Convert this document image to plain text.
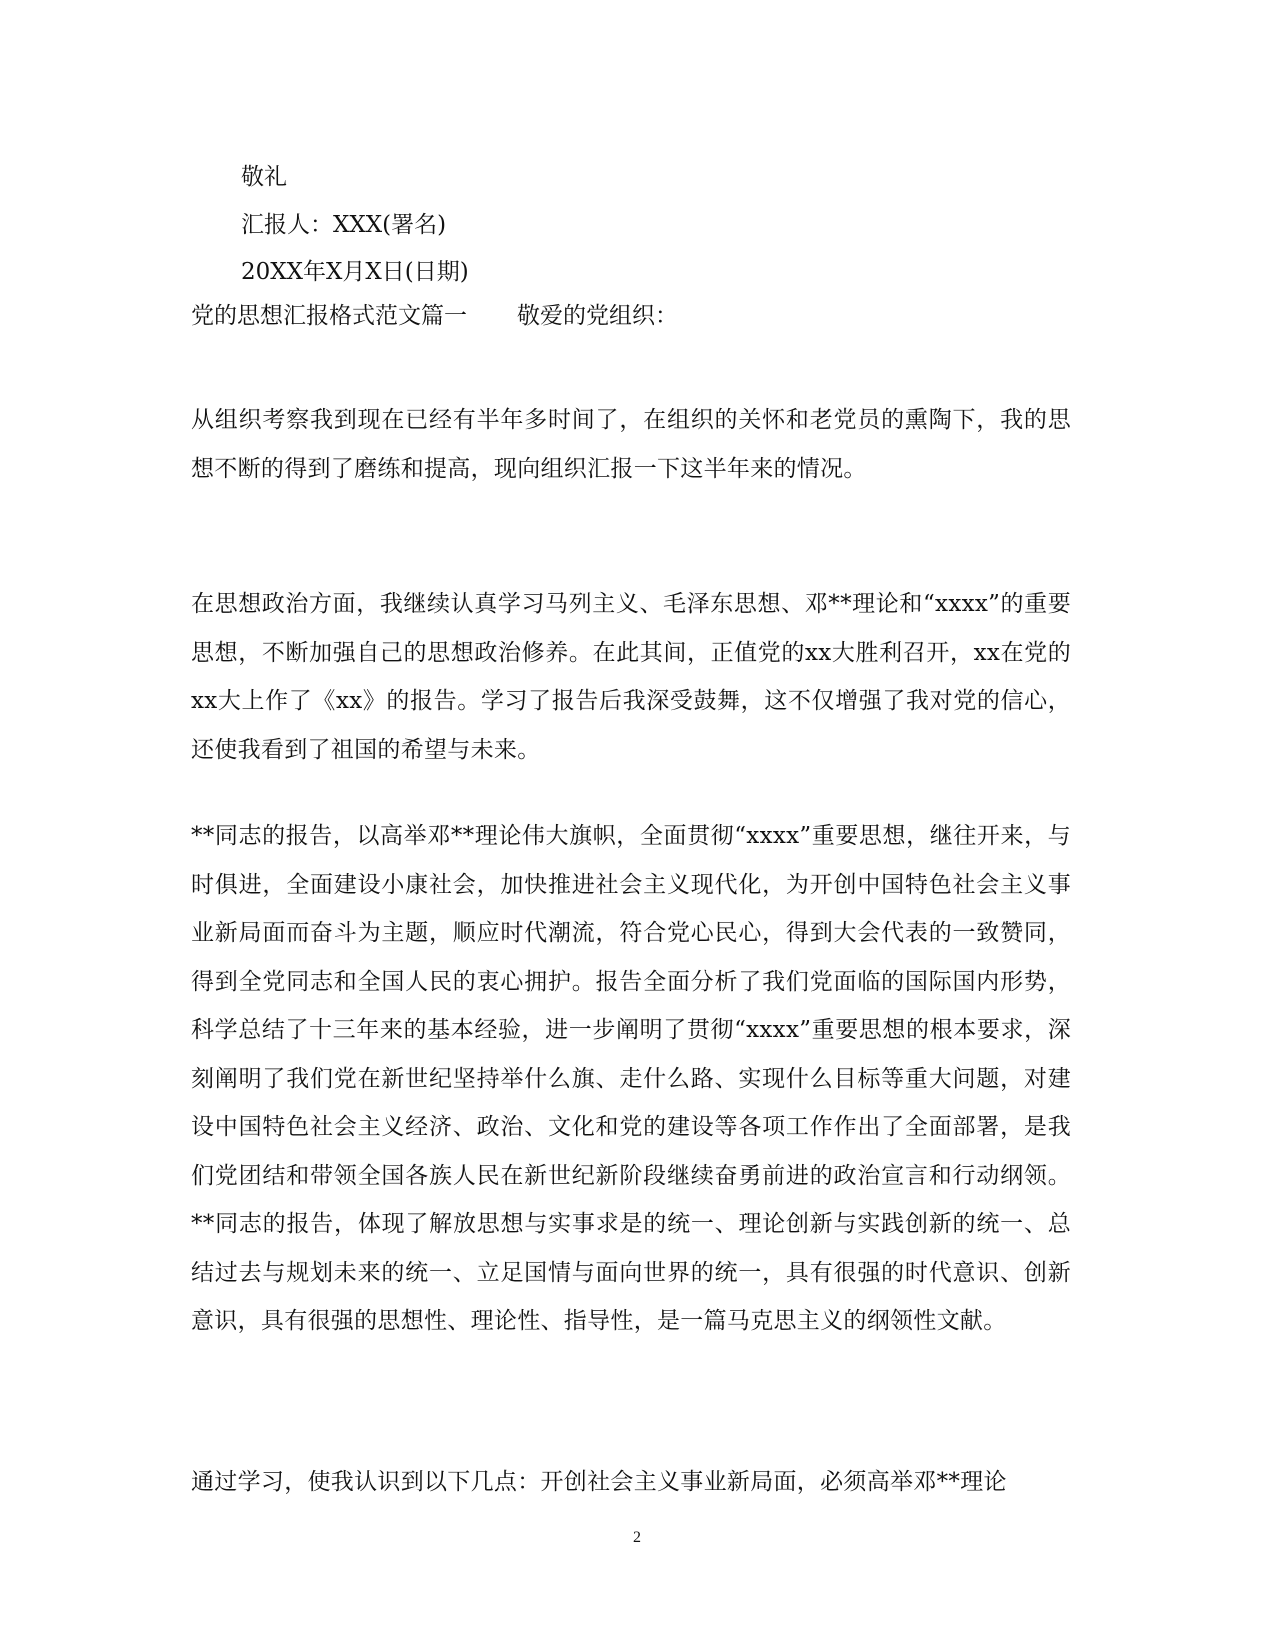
敬礼
汇报人：XXX(署名)
20XX年X月X日(日期)
党的思想汇报格式范文篇一 敬爱的党组织：
从组织考察我到现在已经有半年多时间了，在组织的关怀和老党员的熏陶下，我的思想不断的得到了磨练和提高，现向组织汇报一下这半年来的情况。
在思想政治方面，我继续认真学习马列主义、毛泽东思想、邓**理论和“xxxx”的重要思想，不断加强自己的思想政治修养。在此其间，正值党的xx大胜利召开，xx在党的xx大上作了《xx》的报告。学习了报告后我深受鼓舞，这不仅增强了我对党的信心，还使我看到了祖国的希望与未来。
**同志的报告，以高举邓**理论伟大旗帜，全面贯彻“xxxx”重要思想，继往开来，与时俱进，全面建设小康社会，加快推进社会主义现代化，为开创中国特色社会主义事业新局面而奋斗为主题，顺应时代潮流，符合党心民心，得到大会代表的一致赞同，得到全党同志和全国人民的衷心拥护。报告全面分析了我们党面临的国际国内形势，科学总结了十三年来的基本经验，进一步阐明了贯彻“xxxx”重要思想的根本要求，深刻阐明了我们党在新世纪坚持举什么旗、走什么路、实现什么目标等重大问题，对建设中国特色社会主义经济、政治、文化和党的建设等各项工作作出了全面部署，是我们党团结和带领全国各族人民在新世纪新阶段继续奋勇前进的政治宣言和行动纲领。**同志的报告，体现了解放思想与实事求是的统一、理论创新与实践创新的统一、总结过去与规划未来的统一、立足国情与面向世界的统一，具有很强的时代意识、创新意识，具有很强的思想性、理论性、指导性，是一篇马克思主义的纲领性文献。
通过学习，使我认识到以下几点：开创社会主义事业新局面，必须高举邓**理论
2
